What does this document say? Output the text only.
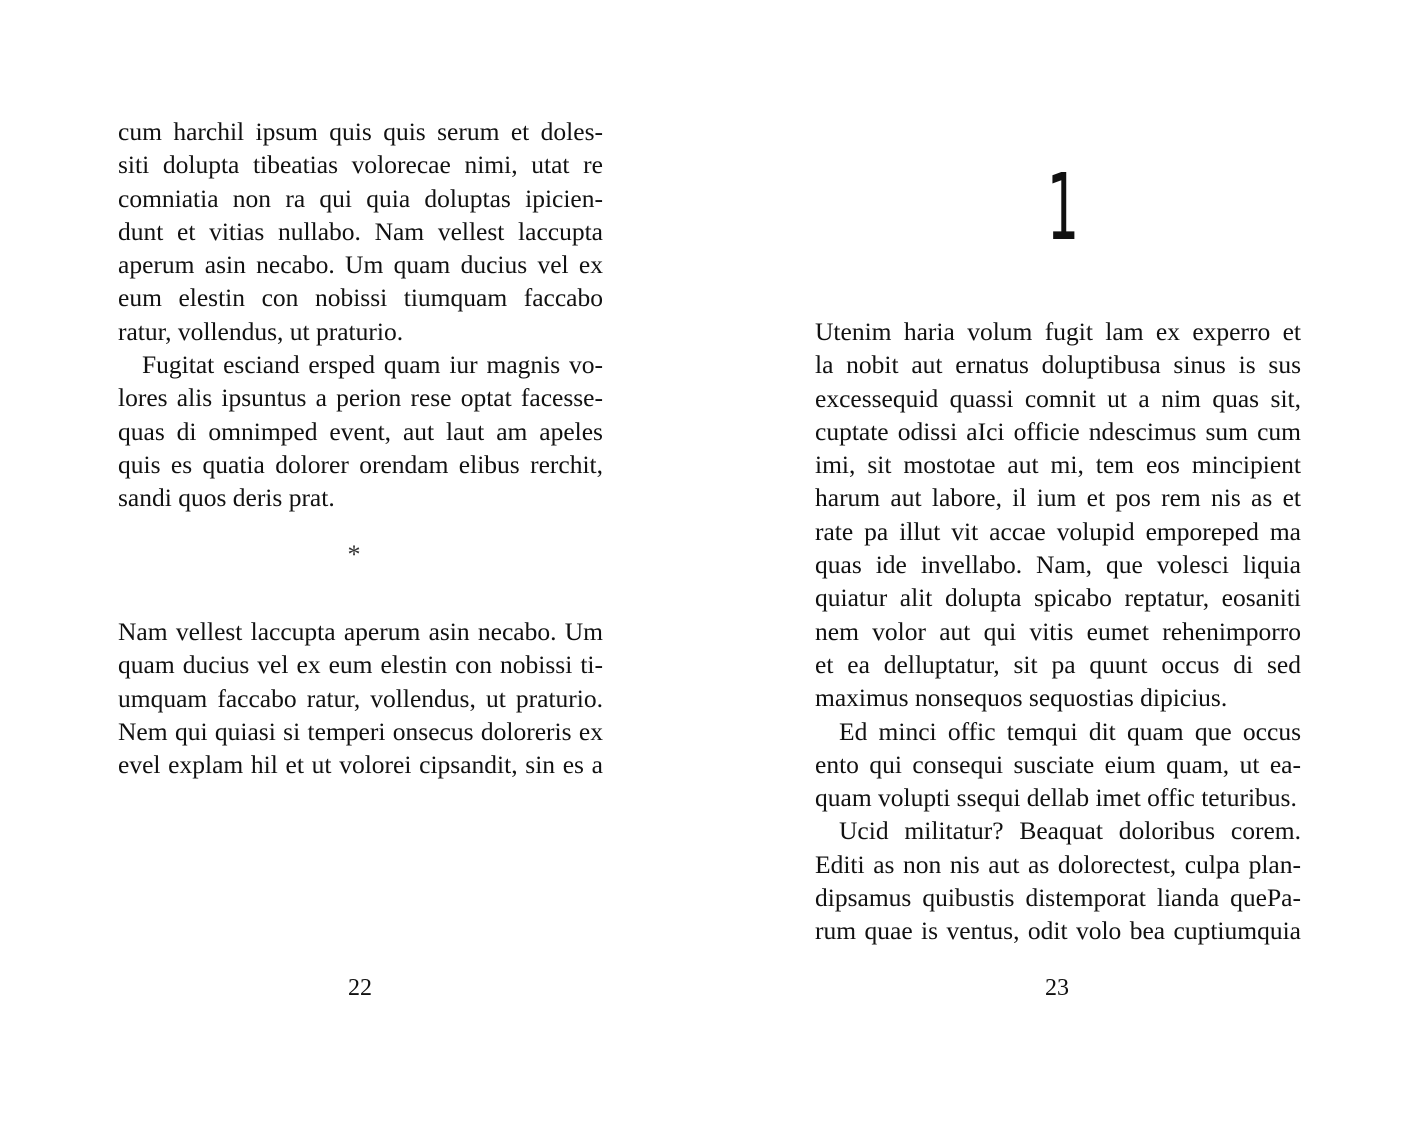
cum harchil ipsum quis quis serum et doles-
siti dolupta tibeatias volorecae nimi, utat re
comniatia non ra qui quia doluptas ipicien-
dunt et vitias nullabo. Nam vellest laccupta
aperum asin necabo. Um quam ducius vel ex
eum elestin con nobissi tiumquam faccabo
ratur, vollendus, ut praturio.
Fugitat esciand ersped quam iur magnis vo-
lores alis ipsuntus a perion rese optat facesse-
quas di omnimped event, aut laut am apeles
quis es quatia dolorer orendam elibus rerchit,
sandi quos deris prat.
*
Nam vellest laccupta aperum asin necabo. Um
quam ducius vel ex eum elestin con nobissi ti-
umquam faccabo ratur, vollendus, ut praturio.
Nem qui quiasi si temperi onsecus doloreris ex
evel explam hil et ut volorei cipsandit, sin es a
22
1
Utenim haria volum fugit lam ex experro et
la nobit aut ernatus doluptibusa sinus is sus
excessequid quassi comnit ut a nim quas sit,
cuptate odissi aIci officie ndescimus sum cum
imi, sit mostotae aut mi, tem eos mincipient
harum aut labore, il ium et pos rem nis as et
rate pa illut vit accae volupid emporeped ma
quas ide invellabo. Nam, que volesci liquia
quiatur alit dolupta spicabo reptatur, eosaniti
nem volor aut qui vitis eumet rehenimporro
et ea delluptatur, sit pa quunt occus di sed
maximus nonsequos sequostias dipicius.
Ed minci offic temqui dit quam que occus
ento qui consequi susciate eium quam, ut ea-
quam volupti ssequi dellab imet offic teturibus.
Ucid militatur? Beaquat doloribus corem.
Editi as non nis aut as dolorectest, culpa plan-
dipsamus quibustis distemporat lianda quePa-
rum quae is ventus, odit volo bea cuptiumquia
23
